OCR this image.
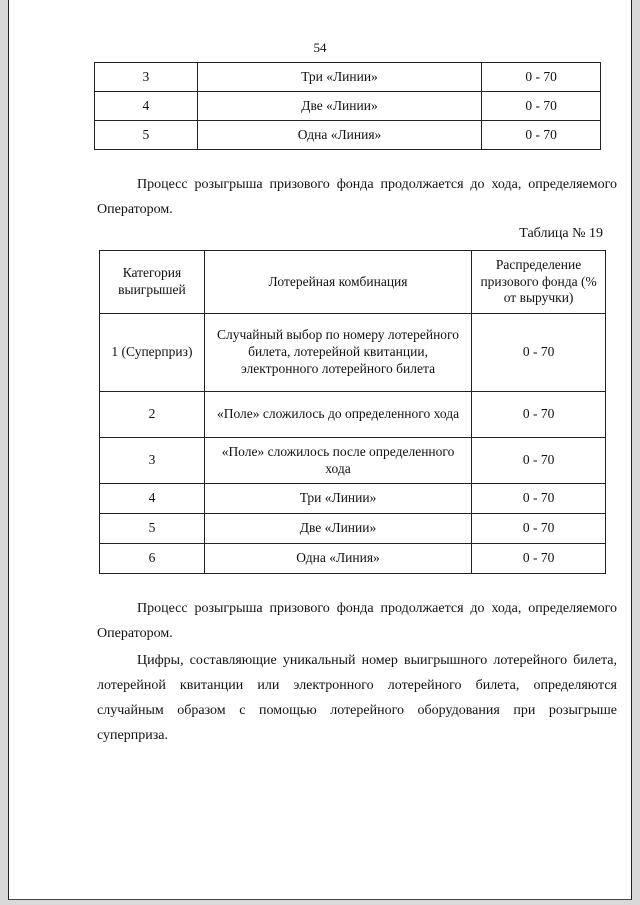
54
3	Три «Линии»	0 - 70
4	Две «Линии»	0 - 70
5	Одна «Линия»	0 - 70

Процесс розыгрыша призового фонда продолжается до хода, определяемого Оператором.

Таблица № 19
Категория выигрышей	Лотерейная комбинация	Распределение призового фонда (% от выручки)
1 (Суперприз)	Случайный выбор по номеру лотерейного билета, лотерейной квитанции, электронного лотерейного билета	0 - 70
2	«Поле» сложилось до определенного хода	0 - 70
3	«Поле» сложилось после определенного хода	0 - 70
4	Три «Линии»	0 - 70
5	Две «Линии»	0 - 70
6	Одна «Линия»	0 - 70

Процесс розыгрыша призового фонда продолжается до хода, определяемого Оператором.

Цифры, составляющие уникальный номер выигрышного лотерейного билета, лотерейной квитанции или электронного лотерейного билета, определяются случайным образом с помощью лотерейного оборудования при розыгрыше суперприза.
